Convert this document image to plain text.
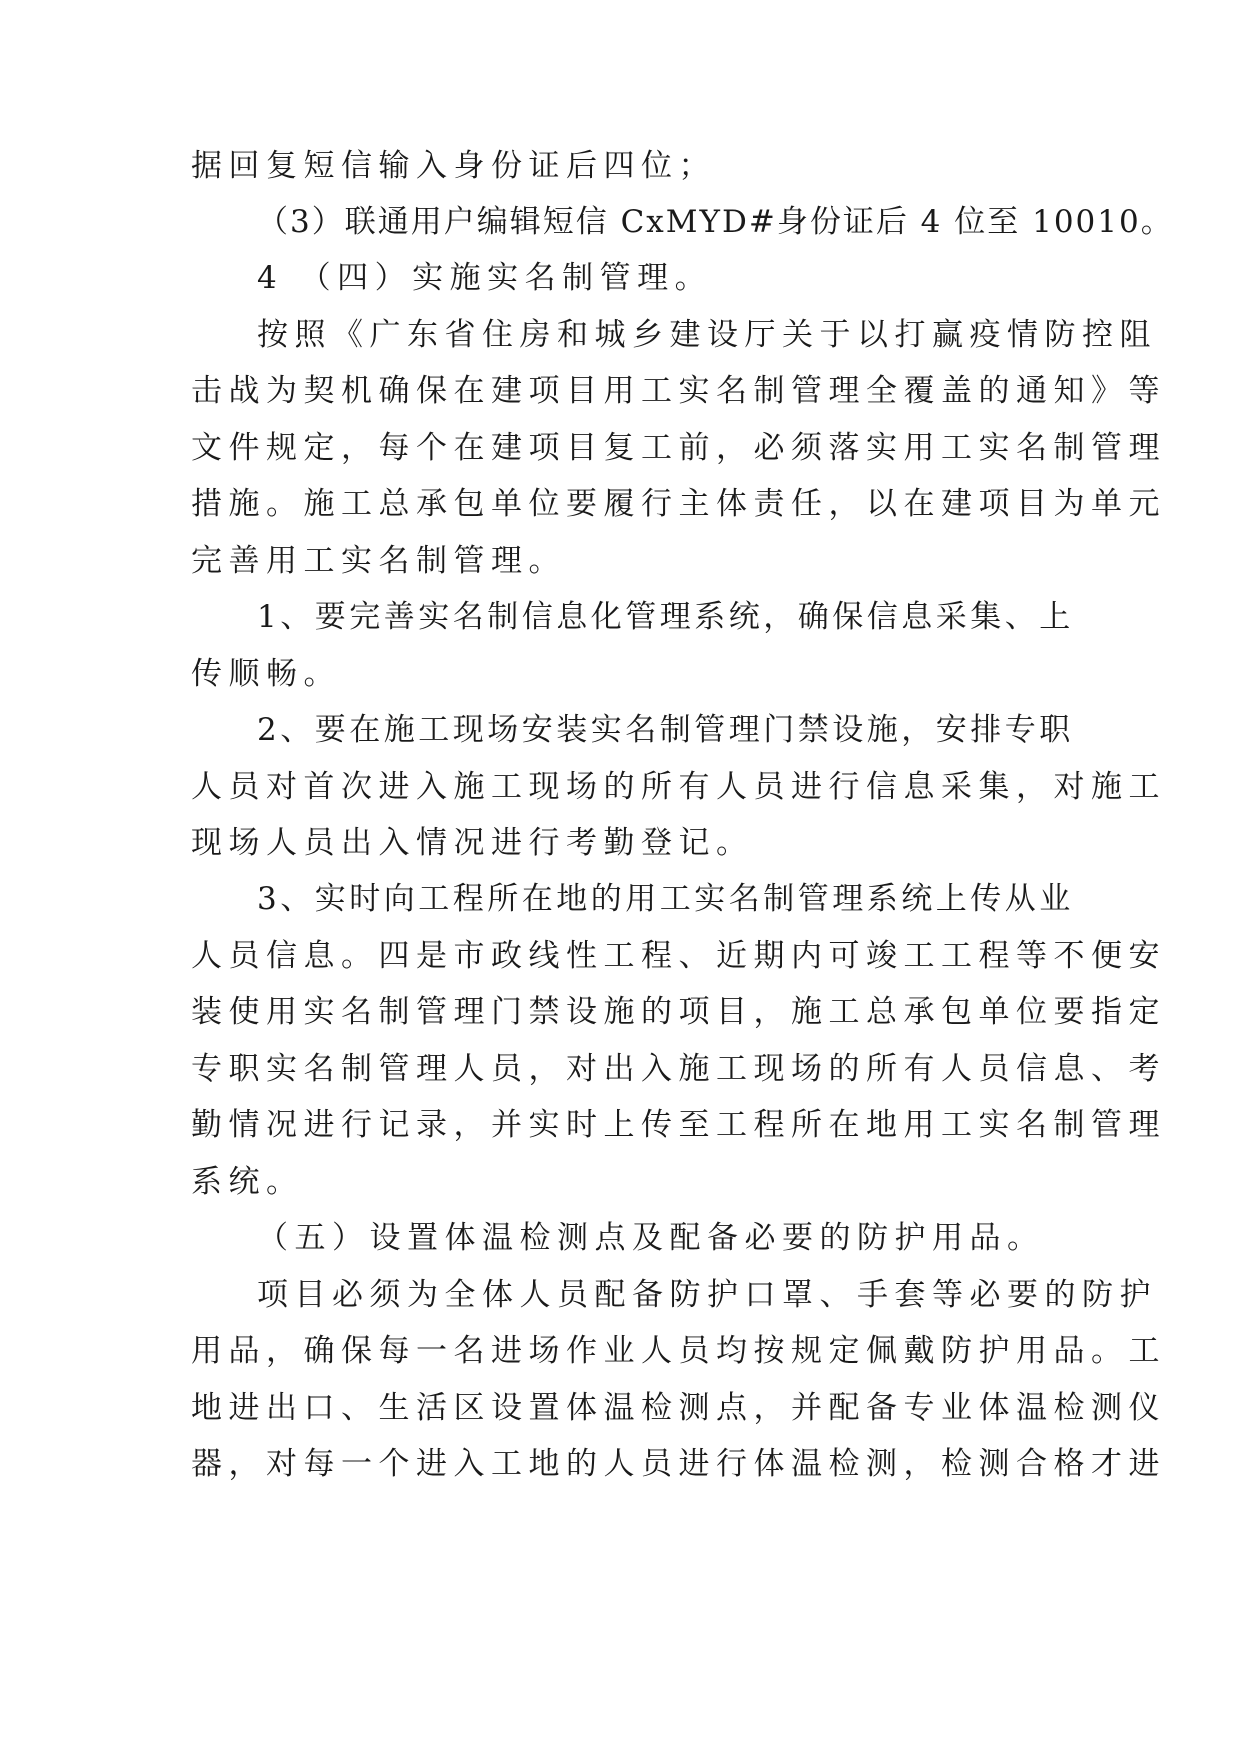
据回复短信输入身份证后四位；
（3）联通用户编辑短信 CxMYD#身份证后 4 位至 10010。
4 （四）实施实名制管理。
按照《广东省住房和城乡建设厅关于以打赢疫情防控阻
击战为契机确保在建项目用工实名制管理全覆盖的通知》等
文件规定，每个在建项目复工前，必须落实用工实名制管理
措施。施工总承包单位要履行主体责任，以在建项目为单元
完善用工实名制管理。
1、要完善实名制信息化管理系统，确保信息采集、上
传顺畅。
2、要在施工现场安装实名制管理门禁设施，安排专职
人员对首次进入施工现场的所有人员进行信息采集，对施工
现场人员出入情况进行考勤登记。
3、实时向工程所在地的用工实名制管理系统上传从业
人员信息。四是市政线性工程、近期内可竣工工程等不便安
装使用实名制管理门禁设施的项目，施工总承包单位要指定
专职实名制管理人员，对出入施工现场的所有人员信息、考
勤情况进行记录，并实时上传至工程所在地用工实名制管理
系统。
（五）设置体温检测点及配备必要的防护用品。
项目必须为全体人员配备防护口罩、手套等必要的防护
用品，确保每一名进场作业人员均按规定佩戴防护用品。工
地进出口、生活区设置体温检测点，并配备专业体温检测仪
器，对每一个进入工地的人员进行体温检测，检测合格才进
